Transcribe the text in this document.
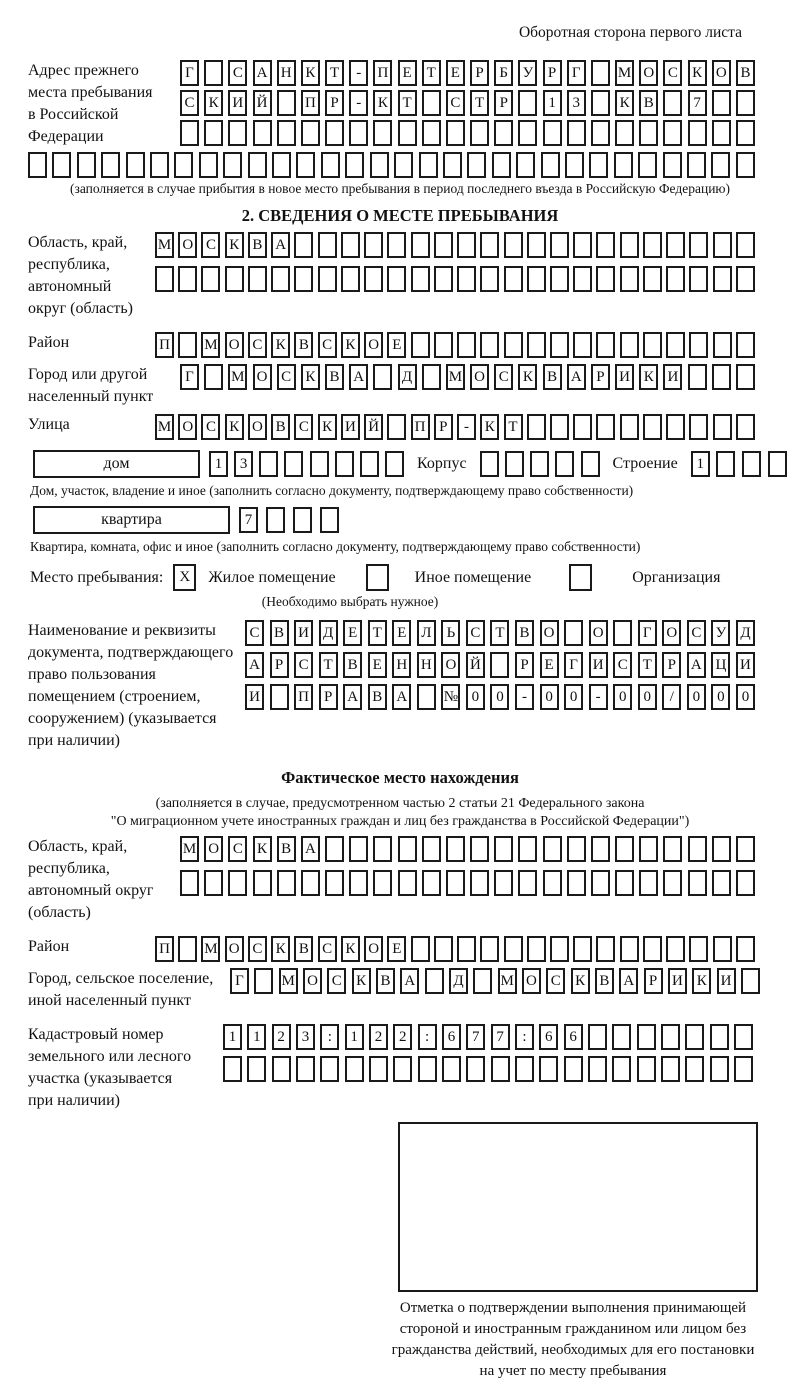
Оборотная сторона первого листа
Адрес прежнего
места пребывания
в Российской
Федерации
Г	С А Н К Т	-	П Е	Т	Е	Р	Б У Р	Г	М О С К О В
С К И Й	П Р	-	К Т	С Т	Р	1	3	К В	7
(заполняется в случае прибытия в новое место пребывания в период последнего въезда в Российскую Федерацию)
2. СВЕДЕНИЯ О МЕСТЕ ПРЕБЫВАНИЯ
Область, край,
республика,
автономный
округ (область)
М О С К В А
Район	П М О С К В С К О Е
Город или другой
населенный пункт
Г	М О С К В А	Д М О С К В А Р И К И
Улица	М О С К О В С К И Й П Р	-	К Т
дом	1	3	Корпус	Строение	1
Дом, участок, владение и иное (заполнить согласно документу, подтверждающему право собственности)
квартира	7
Квартира, комната, офис и иное (заполнить согласно документу, подтверждающему право собственности)
Место пребывания:	X	Жилое помещение	Иное помещение	Организация
(Необходимо выбрать нужное)
Наименование и реквизиты
документа, подтверждающего
право пользования
помещением (строением,
сооружением) (указывается
при наличии)
С В И Д Е	Т	Е Л	Ь	С Т В О	О	Г О С У Д
А Р	С Т В Е Н Н О Й	Р	Е	Г И С Т	Р А Ц И
И	П Р А В А № 0	0	-	0	0	-	0	0	/	0	0	0
Фактическое место нахождения
(заполняется в случае, предусмотренном частью 2 статьи 21 Федерального закона
"О миграционном учете иностранных граждан и лиц без гражданства в Российской Федерации")
Область, край,
республика,
автономный округ
(область)
М О С К В А
Район	П М О С К В С К О Е
Город, сельское поселение,
иной населенный пункт
Г	М О С К В А	Д М О С К В А Р И К И
Кадастровый номер
земельного или лесного
участка (указывается
при наличии)
1	1	2	3	:	1	2	2	:	6	7	7	:	6	6
Отметка о подтверждении выполнения принимающей
стороной и иностранным гражданином или лицом без
гражданства действий, необходимых для его постановки
на учет по месту пребывания
